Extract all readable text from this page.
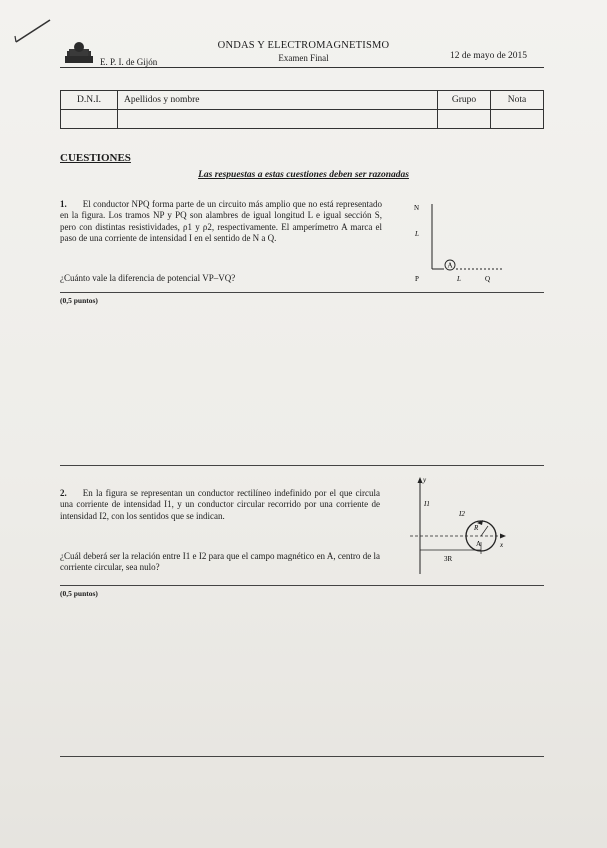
ONDAS Y ELECTROMAGNETISMO
Examen Final
E. P. I. de Gijón
12 de mayo de 2015
D.N.I.	Apellidos y nombre	Grupo	Nota

CUESTIONES
Las respuestas a estas cuestiones deben ser razonadas
1. El conductor NPQ forma parte de un circuito más amplio que no está representado en la figura. Los tramos NP y PQ son alambres de igual longitud L e igual sección S, pero con distintas resistividades, ρ1 y ρ2, respectivamente. El amperímetro A marca el paso de una corriente de intensidad I en el sentido de N a Q.
¿Cuánto vale la diferencia de potencial VP–VQ?
A
N
L
P	L	Q
(0,5 puntos)
2. En la figura se representan un conductor rectilíneo indefinido por el que circula una corriente de intensidad I1, y un conductor circular recorrido por una corriente de intensidad I2, con los sentidos que se indican.
¿Cuál deberá ser la relación entre I1 e I2 para que el campo magnético en A, centro de la corriente circular, sea nulo?
y
x
I1
I2
R
A
3R
(0,5 puntos)
